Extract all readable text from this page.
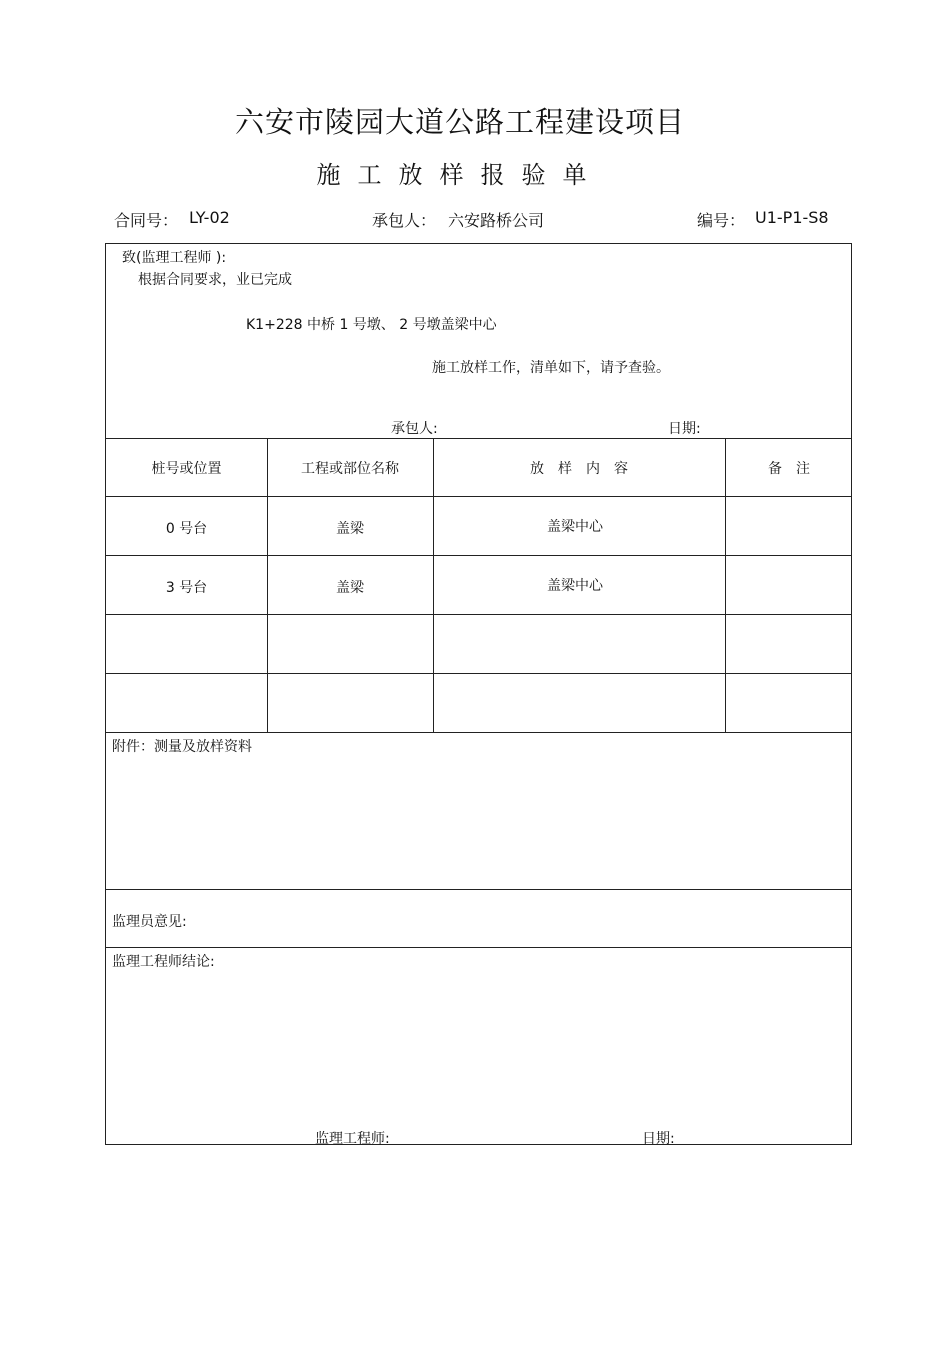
六安市陵园大道公路工程建设项目
施工放样报验单
合同号： LY-02	承包人： 六安路桥公司	编号： U1-P1-S8
致(监理工程师 ):
根据合同要求，业已完成
K1+228 中桥 1 号墩、 2 号墩盖梁中心
施工放样工作，清单如下，请予查验。
承包人:	日期:
桩号或位置	工程或部位名称	放　样　内　容	备　注
0 号台	盖梁	盖梁中心
3 号台	盖梁	盖梁中心
附件：测量及放样资料
监理员意见:
监理工程师结论:
监理工程师:	日期:
